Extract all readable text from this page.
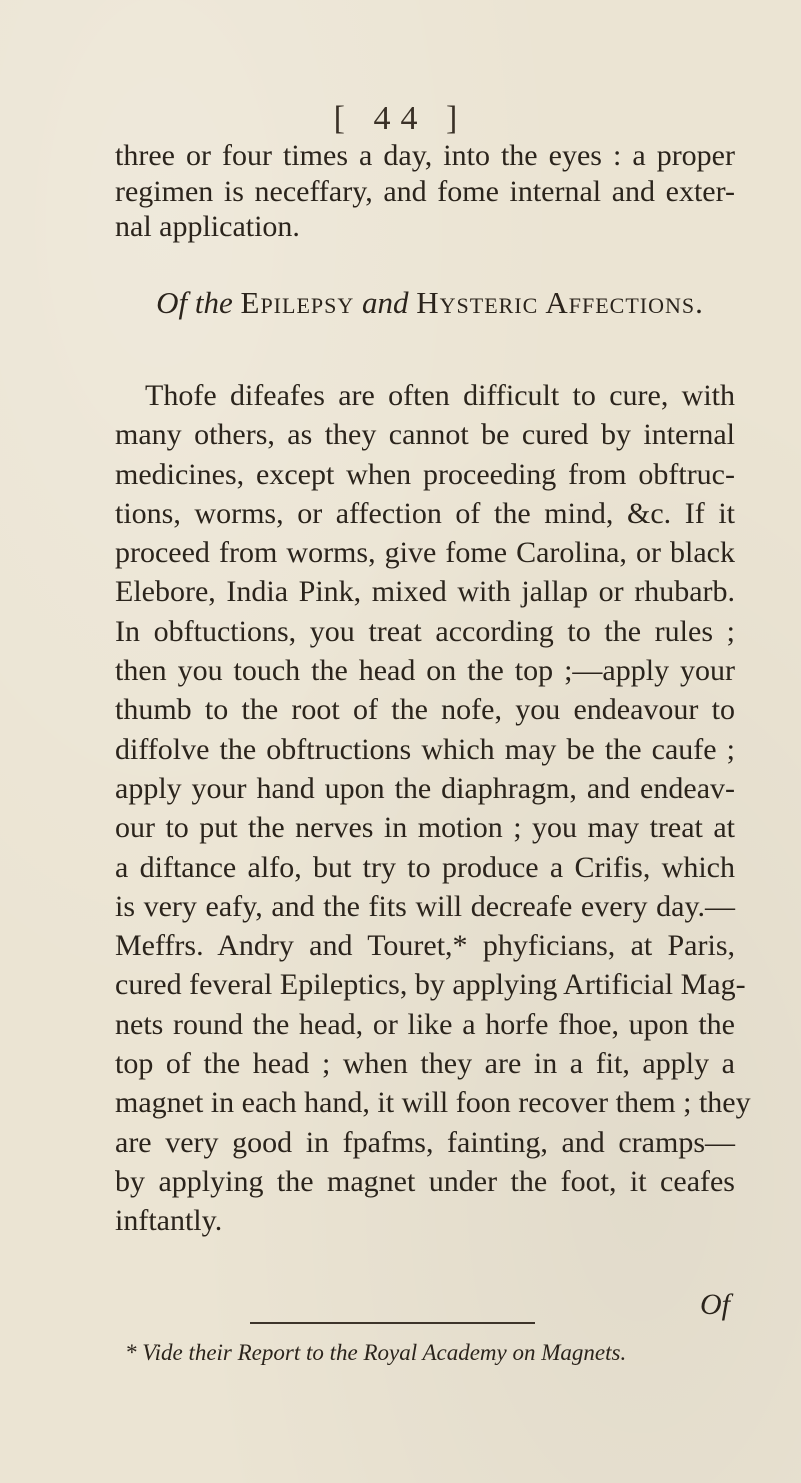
[ 44 ]
three or four times a day, into the eyes : a proper
regimen is neceffary, and fome internal and exter-
nal application.
Of the Epilepsy and Hysteric Affections.
Thofe difeafes are often difficult to cure, with
many others, as they cannot be cured by internal
medicines, except when proceeding from obftruc-
tions, worms, or affection of the mind, &c. If it
proceed from worms, give fome Carolina, or black
Elebore, India Pink, mixed with jallap or rhubarb.
In obftuctions, you treat according to the rules ;
then you touch the head on the top ;—apply your
thumb to the root of the nofe, you endeavour to
diffolve the obftructions which may be the caufe ;
apply your hand upon the diaphragm, and endeav-
our to put the nerves in motion ; you may treat at
a diftance alfo, but try to produce a Crifis, which
is very eafy, and the fits will decreafe every day.—
Meffrs. Andry and Touret,* phyficians, at Paris,
cured feveral Epileptics, by applying Artificial Mag-
nets round the head, or like a horfe fhoe, upon the
top of the head ; when they are in a fit, apply a
magnet in each hand, it will foon recover them ; they
are very good in fpafms, fainting, and cramps—
by applying the magnet under the foot, it ceafes
inftantly.
Of
* Vide their Report to the Royal Academy on Magnets.
